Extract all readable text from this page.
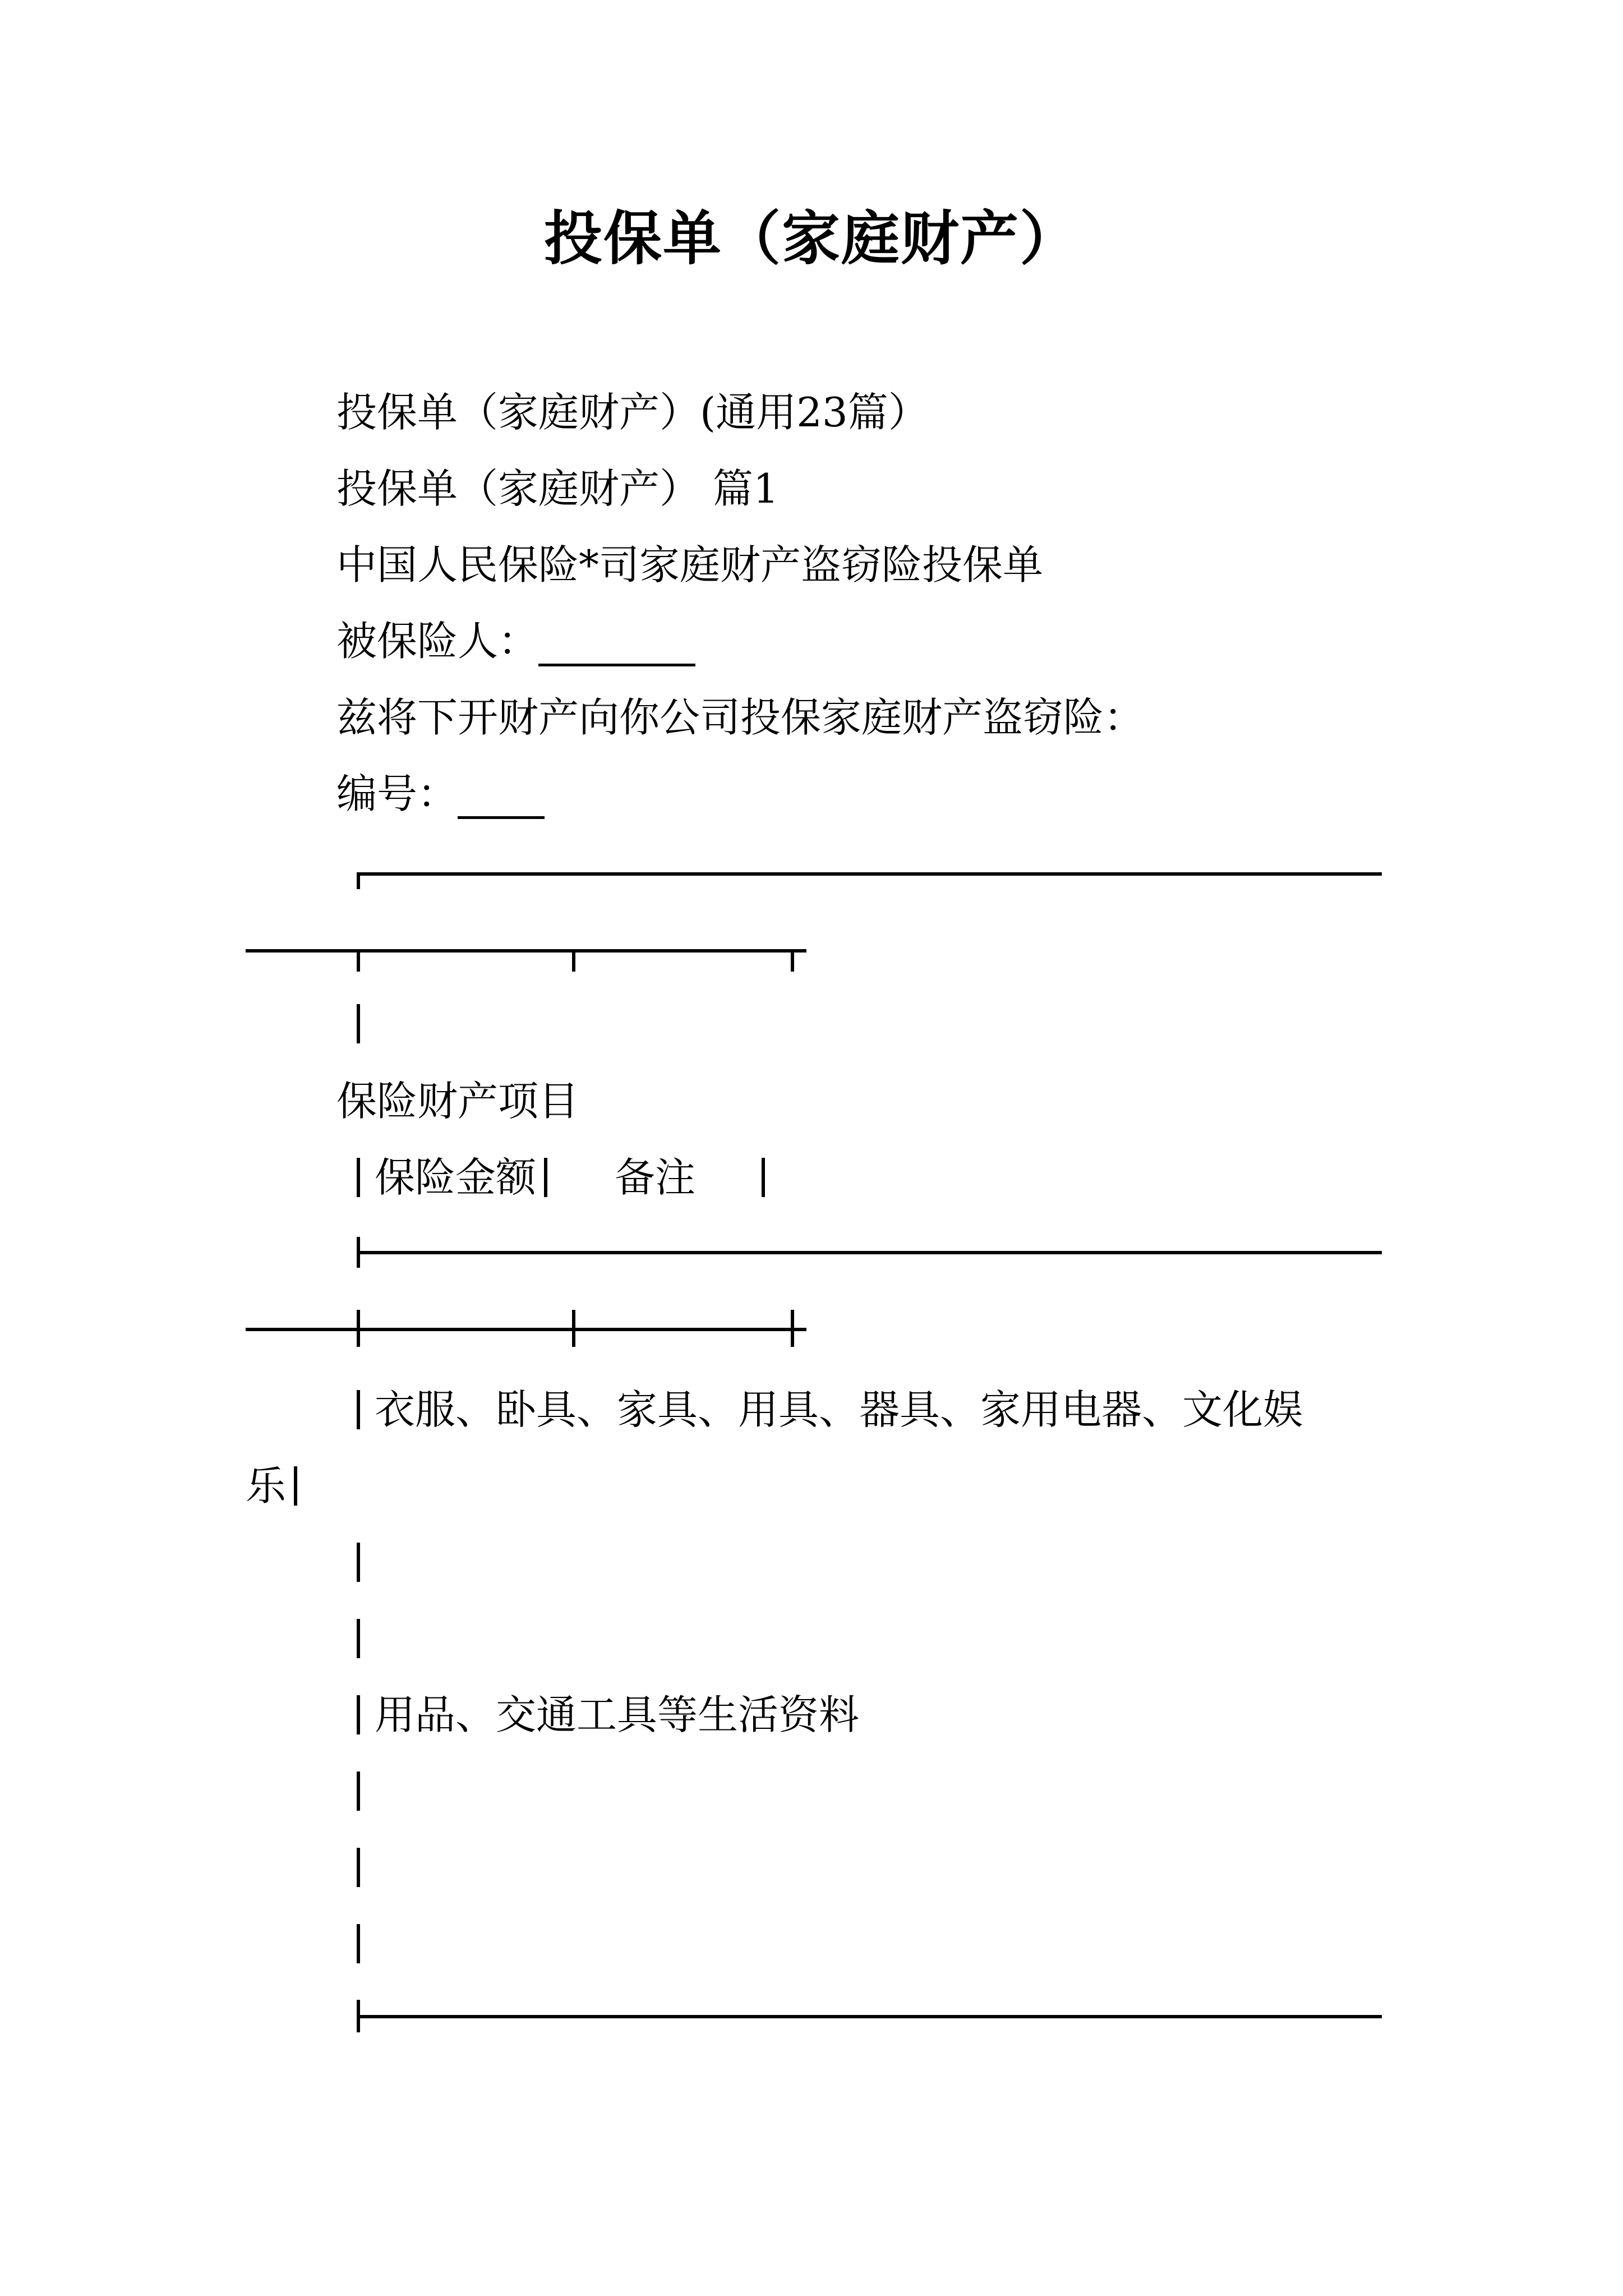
投保单（家庭财产）
投保单（家庭财产）(通用23篇）
投保单（家庭财产） 篇1
中国人民保险*司家庭财产盗窃险投保单
被保险人：
兹将下开财产向你公司投保家庭财产盗窃险：
编号：
保险财产项目
保险金额 备注
衣服、卧具、家具、用具、器具、家用电器、文化娱
乐
用品、交通工具等生活资料
